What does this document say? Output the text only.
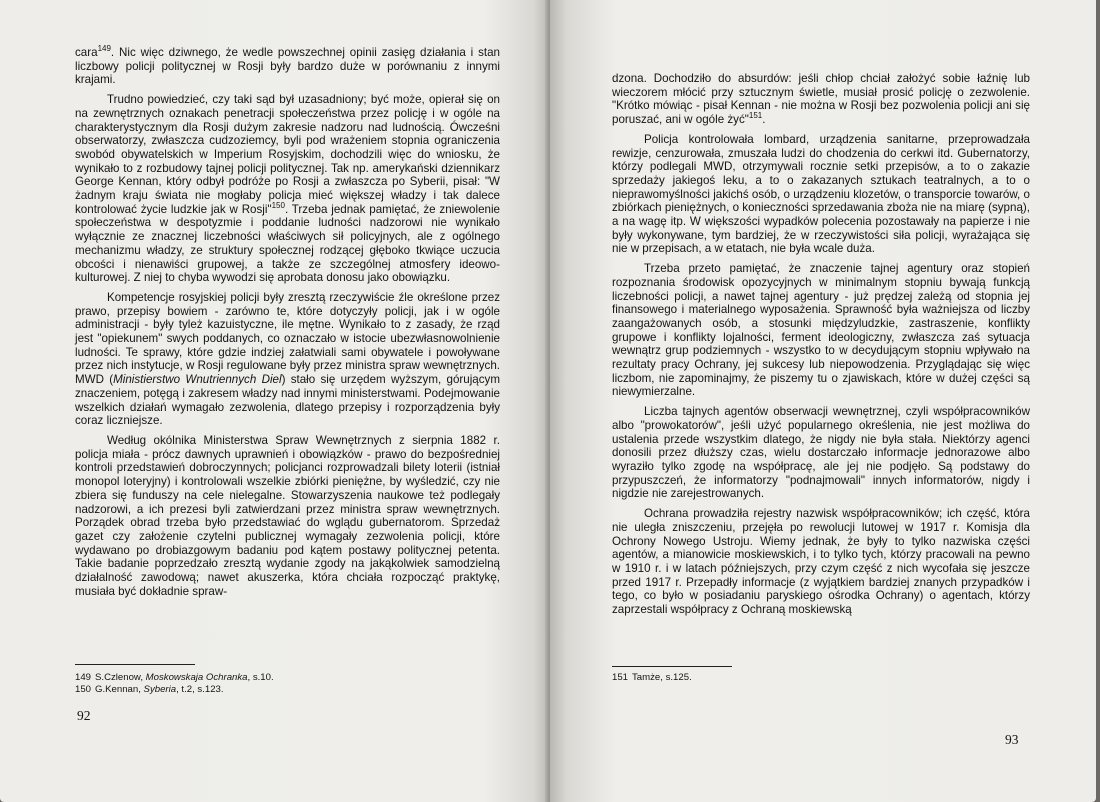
cara$^{149}$. Nic więc dziwnego, że wedle powszechnej opinii zasięg działania i stan liczbowy policji politycznej w Rosji były bardzo duże w porównaniu z innymi krajami.

Trudno powiedzieć, czy taki sąd był uzasadniony; być może, opierał się on na zewnętrznych oznakach penetracji społeczeństwa przez policję i w ogóle na charakterystycznym dla Rosji dużym zakresie nadzoru nad ludnością. Ówcześni obserwatorzy, zwłaszcza cudzoziemcy, byli pod wrażeniem stopnia ograniczenia swobód obywatelskich w Imperium Rosyjskim, dochodzili więc do wniosku, że wynikało to z rozbudowy tajnej policji politycznej. Tak np. amerykański dziennikarz George Kennan, który odbył podróże po Rosji a zwłaszcza po Syberii, pisał: "W żadnym kraju świata nie mogłaby policja mieć większej władzy i tak dalece kontrolować życie ludzkie jak w Rosji"$^{150}$. Trzeba jednak pamiętać, że zniewolenie społeczeństwa w despotyzmie i poddanie ludności nadzorowi nie wynikało wyłącznie ze znacznej liczebności właściwych sił policyjnych, ale z ogólnego mechanizmu władzy, ze struktury społecznej rodzącej głęboko tkwiące uczucia obcości i nienawiści grupowej, a także ze szczególnej atmosfery ideowo-kulturowej. Z niej to chyba wywodzi się aprobata donosu jako obowiązku.

Kompetencje rosyjskiej policji były zresztą rzeczywiście źle określone przez prawo, przepisy bowiem - zarówno te, które dotyczyły policji, jak i w ogóle administracji - były tyleż kazuistyczne, ile mętne. Wynikało to z zasady, że rząd jest "opiekunem" swych poddanych, co oznaczało w istocie ubezwłasnowolnienie ludności. Te sprawy, które gdzie indziej załatwiali sami obywatele i powoływane przez nich instytucje, w Rosji regulowane były przez ministra spraw wewnętrznych. MWD (Ministierstwo Wnutriennych Diel) stało się urzędem wyższym, górującym znaczeniem, potęgą i zakresem władzy nad innymi ministerstwami. Podejmowanie wszelkich działań wymagało zezwolenia, dlatego przepisy i rozporządzenia były coraz liczniejsze.

Według okólnika Ministerstwa Spraw Wewnętrznych z sierpnia 1882 r. policja miała - prócz dawnych uprawnień i obowiązków - prawo do bezpośredniej kontroli przedstawień dobroczynnych; policjanci rozprowadzali bilety loterii (istniał monopol loteryjny) i kontrolowali wszelkie zbiórki pieniężne, by wyśledzić, czy nie zbiera się funduszy na cele nielegalne. Stowarzyszenia naukowe też podlegały nadzorowi, a ich prezesi byli zatwierdzani przez ministra spraw wewnętrznych. Porządek obrad trzeba było przedstawiać do wglądu gubernatorom. Sprzedaż gazet czy założenie czytelni publicznej wymagały zezwolenia policji, które wydawano po drobiazgowym badaniu pod kątem postawy politycznej petenta. Takie badanie poprzedzało zresztą wydanie zgody na jakąkolwiek samodzielną działalność zawodową; nawet akuszerka, która chciała rozpocząć praktykę, musiała być dokładnie spraw-

149 S.Czlenow, Moskowskaja Ochranka, s.10.
150 G.Kennan, Syberia, t.2, s.123.
92

dzona. Dochodziło do absurdów: jeśli chłop chciał założyć sobie łaźnię lub wieczorem młócić przy sztucznym świetle, musiał prosić policję o zezwolenie. "Krótko mówiąc - pisał Kennan - nie można w Rosji bez pozwolenia policji ani się poruszać, ani w ogóle żyć"$^{151}$.

Policja kontrolowała lombard, urządzenia sanitarne, przeprowadzała rewizje, cenzurowała, zmuszała ludzi do chodzenia do cerkwi itd. Gubernatorzy, którzy podlegali MWD, otrzymywali rocznie setki przepisów, a to o zakazie sprzedaży jakiegoś leku, a to o zakazanych sztukach teatralnych, a to o nieprawomyślności jakichś osób, o urządzeniu klozetów, o transporcie towarów, o zbiórkach pieniężnych, o konieczności sprzedawania zboża nie na miarę (sypną), a na wagę itp. W większości wypadków polecenia pozostawały na papierze i nie były wykonywane, tym bardziej, że w rzeczywistości siła policji, wyrażająca się nie w przepisach, a w etatach, nie była wcale duża.

Trzeba przeto pamiętać, że znaczenie tajnej agentury oraz stopień rozpoznania środowisk opozycyjnych w minimalnym stopniu bywają funkcją liczebności policji, a nawet tajnej agentury - już prędzej zależą od stopnia jej finansowego i materialnego wyposażenia. Sprawność była ważniejsza od liczby zaangażowanych osób, a stosunki międzyludzkie, zastraszenie, konflikty grupowe i konflikty lojalności, ferment ideologiczny, zwłaszcza zaś sytuacja wewnątrz grup podziemnych - wszystko to w decydującym stopniu wpływało na rezultaty pracy Ochrany, jej sukcesy lub niepowodzenia. Przyglądając się więc liczbom, nie zapominajmy, że piszemy tu o zjawiskach, które w dużej części są niewymierzalne.

Liczba tajnych agentów obserwacji wewnętrznej, czyli współpracowników albo "prowokatorów", jeśli użyć popularnego określenia, nie jest możliwa do ustalenia przede wszystkim dlatego, że nigdy nie była stała. Niektórzy agenci donosili przez dłuższy czas, wielu dostarczało informacje jednorazowe albo wyraziło tylko zgodę na współpracę, ale jej nie podjęło. Są podstawy do przypuszczeń, że informatorzy "podnajmowali" innych informatorów, nigdy i nigdzie nie zarejestrowanych.

Ochrana prowadziła rejestry nazwisk współpracowników; ich część, która nie uległa zniszczeniu, przejęła po rewolucji lutowej w 1917 r. Komisja dla Ochrony Nowego Ustroju. Wiemy jednak, że były to tylko nazwiska części agentów, a mianowicie moskiewskich, i to tylko tych, którzy pracowali na pewno w 1910 r. i w latach późniejszych, przy czym część z nich wycofała się jeszcze przed 1917 r. Przepadły informacje (z wyjątkiem bardziej znanych przypadków i tego, co było w posiadaniu paryskiego ośrodka Ochrany) o agentach, którzy zaprzestali współpracy z Ochraną moskiewską

151 Tamże, s.125.
93
